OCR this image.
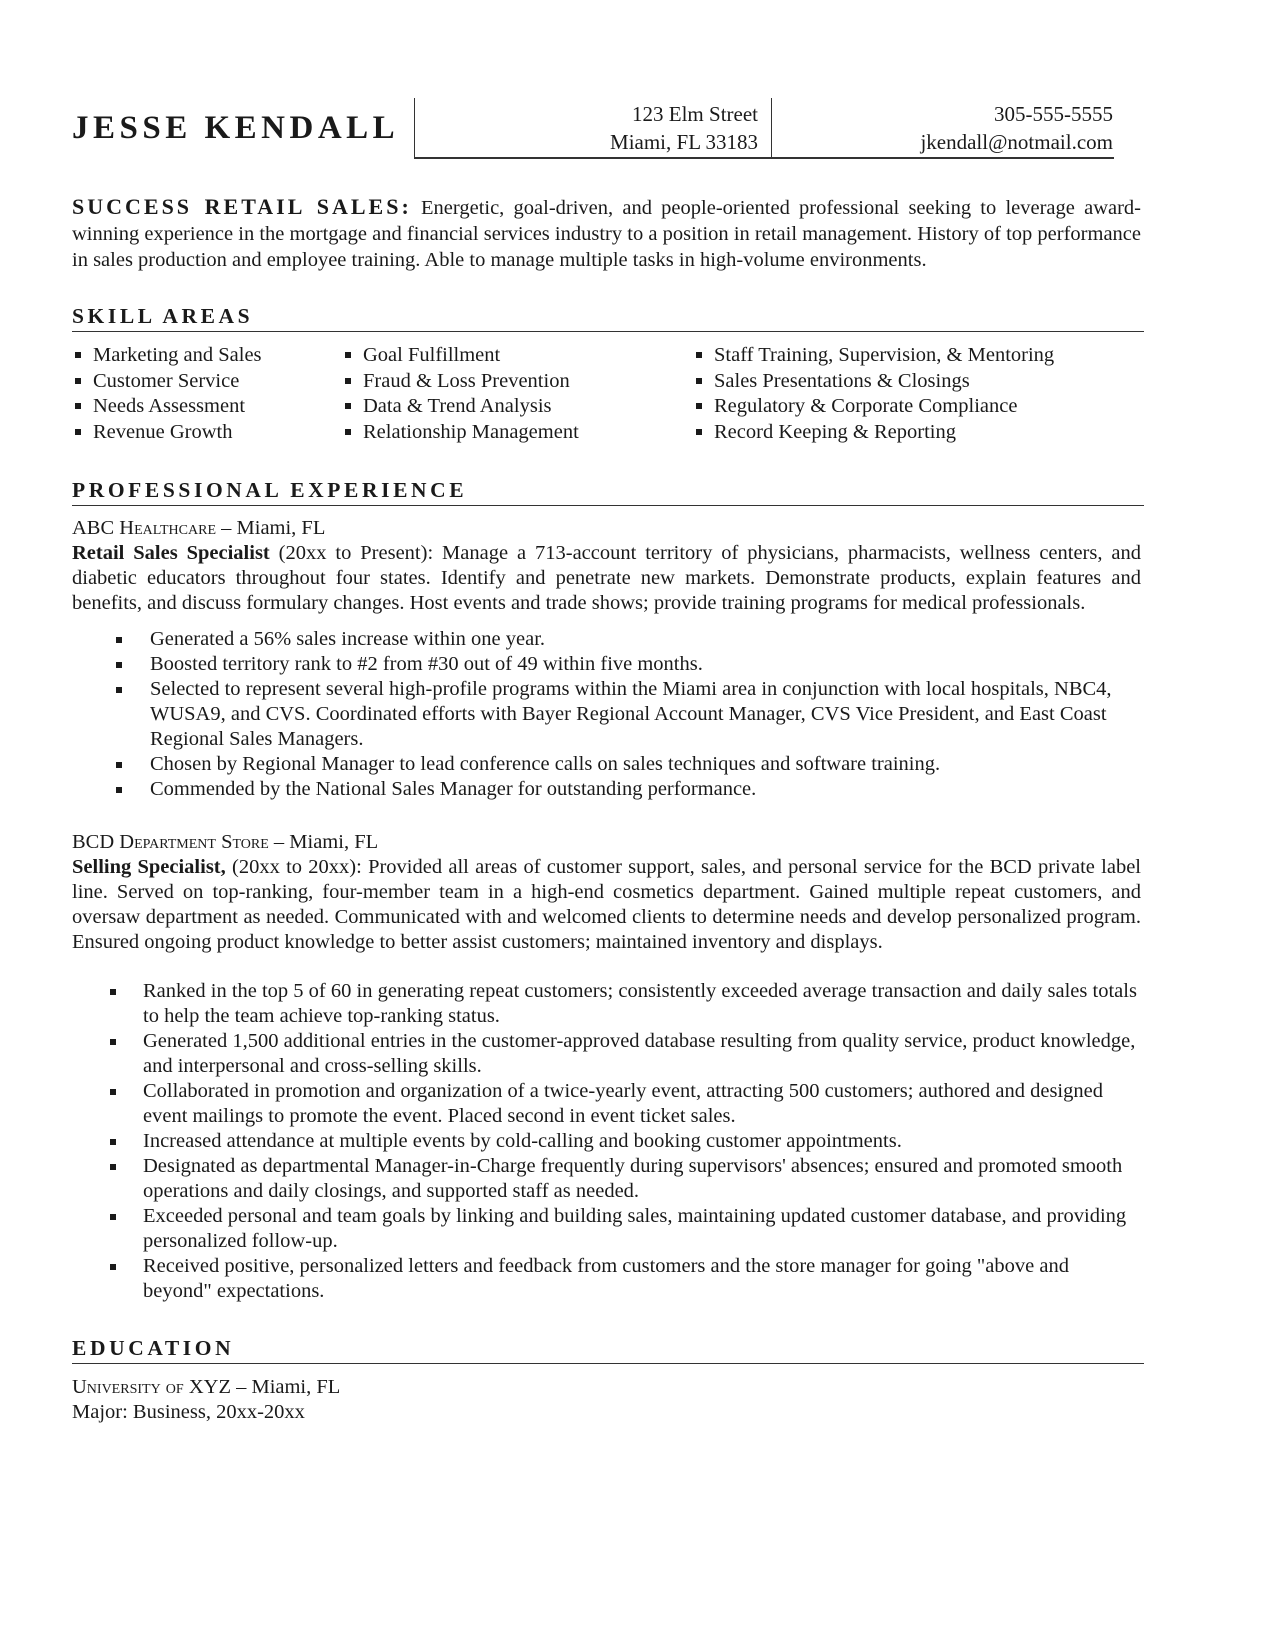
JESSE KENDALL	123 Elm Street
Miami, FL 33183
305-555-5555
jkendall@notmail.com
SUCCESS RETAIL SALES: Energetic, goal-driven, and people-oriented professional seeking to leverage award-winning experience in the mortgage and financial services industry to a position in retail management. History of top performance in sales production and employee training. Able to manage multiple tasks in high-volume environments.
SKILL AREAS
Marketing and Sales
Customer Service
Needs Assessment
Revenue Growth
Goal Fulfillment
Fraud & Loss Prevention
Data & Trend Analysis
Relationship Management
Staff Training, Supervision, & Mentoring
Sales Presentations & Closings
Regulatory & Corporate Compliance
Record Keeping & Reporting
PROFESSIONAL EXPERIENCE
ABC Healthcare – Miami, FL
Retail Sales Specialist (20xx to Present): Manage a 713-account territory of physicians, pharmacists, wellness centers, and diabetic educators throughout four states. Identify and penetrate new markets. Demonstrate products, explain features and benefits, and discuss formulary changes. Host events and trade shows; provide training programs for medical professionals.
Generated a 56% sales increase within one year.
Boosted territory rank to #2 from #30 out of 49 within five months.
Selected to represent several high-profile programs within the Miami area in conjunction with local hospitals, NBC4, WUSA9, and CVS. Coordinated efforts with Bayer Regional Account Manager, CVS Vice President, and East Coast Regional Sales Managers.
Chosen by Regional Manager to lead conference calls on sales techniques and software training.
Commended by the National Sales Manager for outstanding performance.
BCD Department Store – Miami, FL
Selling Specialist, (20xx to 20xx): Provided all areas of customer support, sales, and personal service for the BCD private label line. Served on top-ranking, four-member team in a high-end cosmetics department. Gained multiple repeat customers, and oversaw department as needed. Communicated with and welcomed clients to determine needs and develop personalized program. Ensured ongoing product knowledge to better assist customers; maintained inventory and displays.
Ranked in the top 5 of 60 in generating repeat customers; consistently exceeded average transaction and daily sales totals to help the team achieve top-ranking status.
Generated 1,500 additional entries in the customer-approved database resulting from quality service, product knowledge, and interpersonal and cross-selling skills.
Collaborated in promotion and organization of a twice-yearly event, attracting 500 customers; authored and designed event mailings to promote the event. Placed second in event ticket sales.
Increased attendance at multiple events by cold-calling and booking customer appointments.
Designated as departmental Manager-in-Charge frequently during supervisors' absences; ensured and promoted smooth operations and daily closings, and supported staff as needed.
Exceeded personal and team goals by linking and building sales, maintaining updated customer database, and providing personalized follow-up.
Received positive, personalized letters and feedback from customers and the store manager for going "above and beyond" expectations.
EDUCATION
University of XYZ – Miami, FL
Major: Business, 20xx-20xx
